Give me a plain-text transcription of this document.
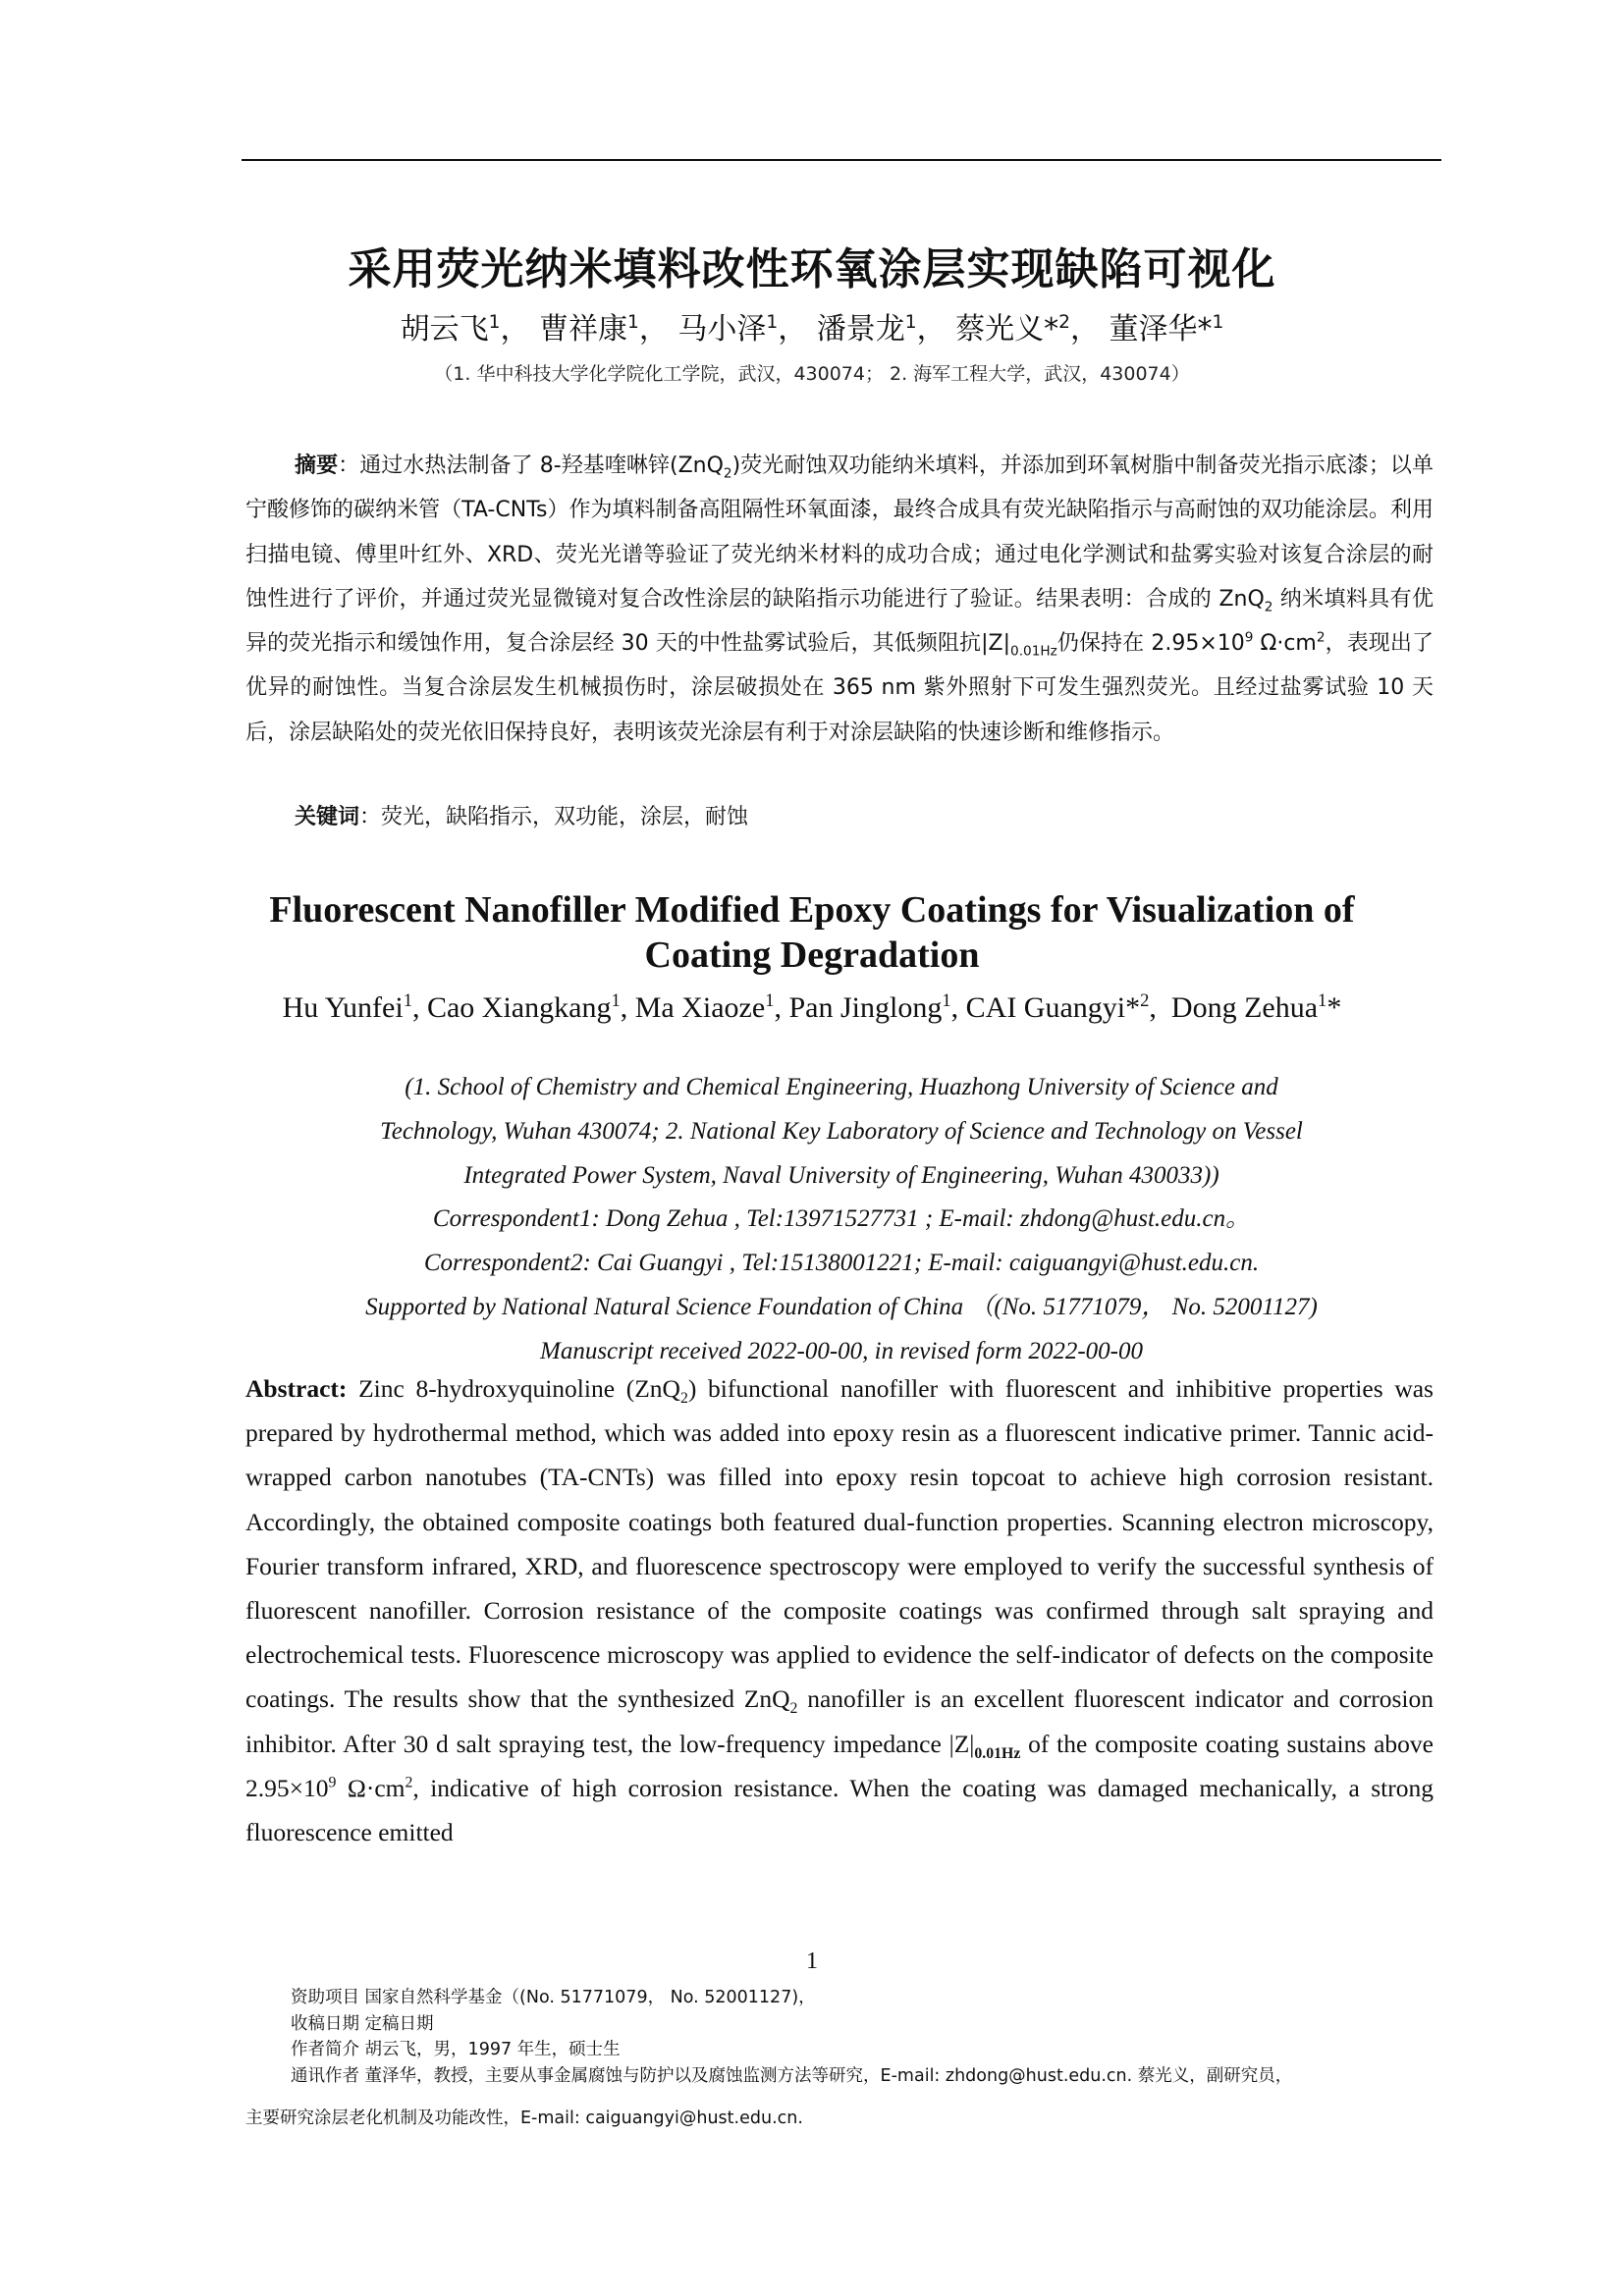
采用荧光纳米填料改性环氧涂层实现缺陷可视化
胡云飞$^1$， 曹祥康$^1$， 马小泽$^1$， 潘景龙$^1$， 蔡光义*$^2$， 董泽华*$^1$
（1. 华中科技大学化学院化工学院，武汉，430074； 2. 海军工程大学，武汉，430074）
摘要：通过水热法制备了 8-羟基喹啉锌(ZnQ$_2$)荧光耐蚀双功能纳米填料，并添加到环氧树脂中制备荧光指示底漆；以单宁酸修饰的碳纳米管（TA-CNTs）作为填料制备高阻隔性环氧面漆，最终合成具有荧光缺陷指示与高耐蚀的双功能涂层。利用扫描电镜、傅里叶红外、XRD、荧光光谱等验证了荧光纳米材料的成功合成；通过电化学测试和盐雾实验对该复合涂层的耐蚀性进行了评价，并通过荧光显微镜对复合改性涂层的缺陷指示功能进行了验证。结果表明：合成的 ZnQ$_2$ 纳米填料具有优异的荧光指示和缓蚀作用，复合涂层经 30 天的中性盐雾试验后，其低频阻抗$|Z|_{0.01Hz}$仍保持在 $2.95\times 10^9$ $\Omega\cdot cm^2$，表现出了优异的耐蚀性。当复合涂层发生机械损伤时，涂层破损处在 365 nm 紫外照射下可发生强烈荧光。且经过盐雾试验 10 天后，涂层缺陷处的荧光依旧保持良好，表明该荧光涂层有利于对涂层缺陷的快速诊断和维修指示。
关键词：荧光，缺陷指示，双功能，涂层，耐蚀
Fluorescent Nanofiller Modified Epoxy Coatings for Visualization of
Coating Degradation
Hu Yunfei$^1$, Cao Xiangkang$^1$, Ma Xiaoze$^1$, Pan Jinglong$^1$, CAI Guangyi*$^2$,  Dong Zehua$^1$*
(1. School of Chemistry and Chemical Engineering, Huazhong University of Science and
Technology, Wuhan 430074; 2. National Key Laboratory of Science and Technology on Vessel
Integrated Power System, Naval University of Engineering, Wuhan 430033))
Correspondent1: Dong Zehua , Tel:13971527731 ; E-mail: zhdong@hust.edu.cn。
Correspondent2: Cai Guangyi , Tel:15138001221; E-mail: caiguangyi@hust.edu.cn.
Supported by National Natural Science Foundation of China （(No. 51771079， No. 52001127)
Manuscript received 2022-00-00, in revised form 2022-00-00
Abstract: Zinc 8-hydroxyquinoline (ZnQ$_2$) bifunctional nanofiller with fluorescent and inhibitive properties was prepared by hydrothermal method, which was added into epoxy resin as a fluorescent indicative primer. Tannic acid-wrapped carbon nanotubes (TA-CNTs) was filled into epoxy resin topcoat to achieve high corrosion resistant. Accordingly, the obtained composite coatings both featured dual-function properties. Scanning electron microscopy, Fourier transform infrared, XRD, and fluorescence spectroscopy were employed to verify the successful synthesis of fluorescent nanofiller. Corrosion resistance of the composite coatings was confirmed through salt spraying and electrochemical tests. Fluorescence microscopy was applied to evidence the self-indicator of defects on the composite coatings. The results show that the synthesized ZnQ$_2$ nanofiller is an excellent fluorescent indicator and corrosion inhibitor. After 30 d salt spraying test, the low-frequency impedance $|Z|_{0.01Hz}$ of the composite coating sustains above $2.95\times 10^9$ $\Omega\cdot cm^2$, indicative of high corrosion resistance. When the coating was damaged mechanically, a strong fluorescence emitted
1
资助项目 国家自然科学基金（(No. 51771079， No. 52001127)，
收稿日期 定稿日期
作者简介 胡云飞，男，1997 年生，硕士生
通讯作者 董泽华，教授，主要从事金属腐蚀与防护以及腐蚀监测方法等研究，E-mail: zhdong@hust.edu.cn. 蔡光义，副研究员，
主要研究涂层老化机制及功能改性，E-mail: caiguangyi@hust.edu.cn.
